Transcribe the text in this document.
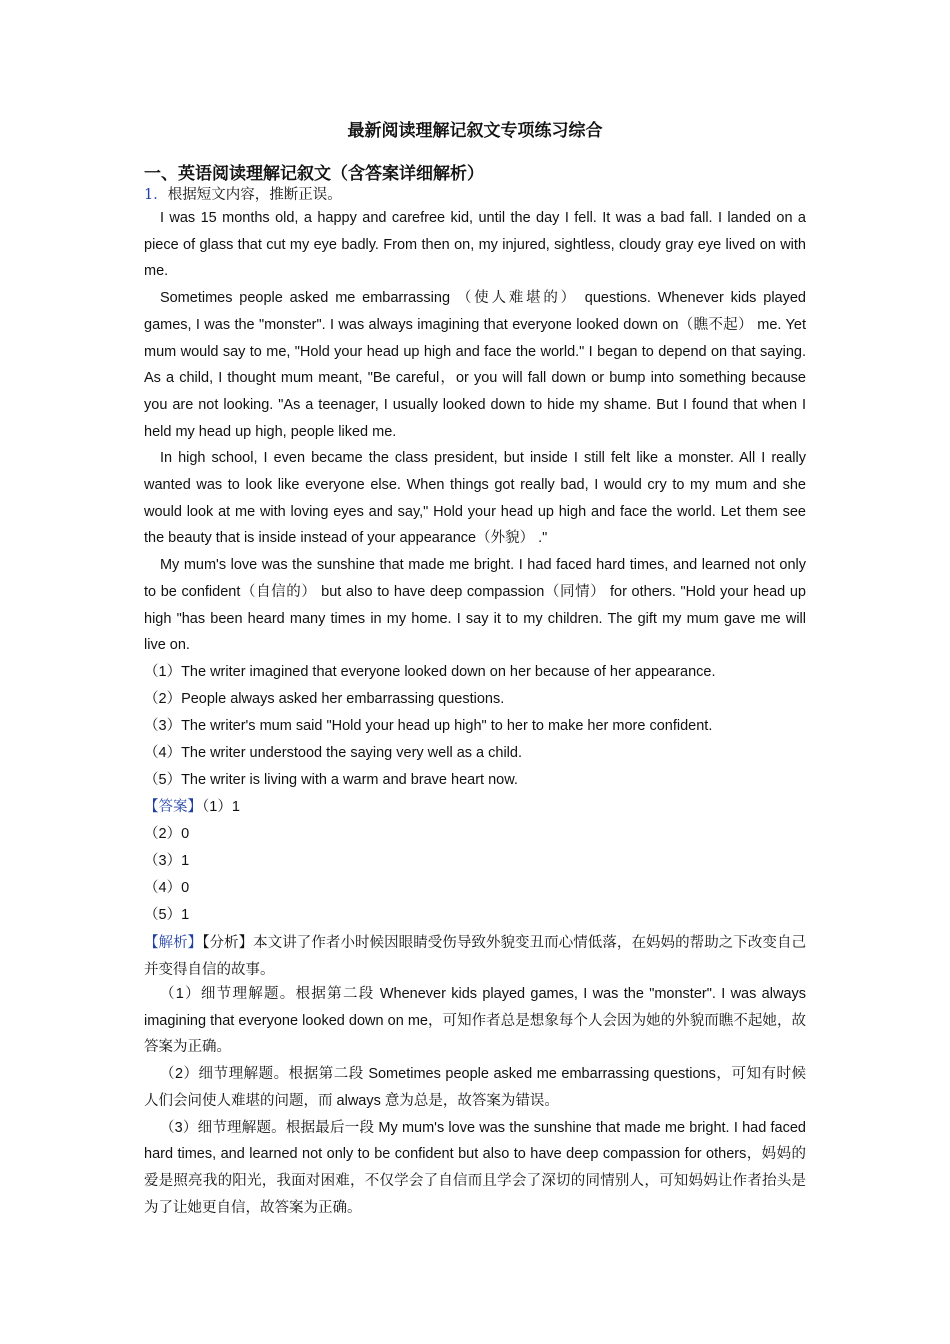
最新阅读理解记叙文专项练习综合
一、英语阅读理解记叙文（含答案详细解析）
1．根据短文内容，推断正误。
I was 15 months old, a happy and carefree kid, until the day I fell. It was a bad fall. I landed on a piece of glass that cut my eye badly. From then on, my injured, sightless, cloudy gray eye lived on with me.
Sometimes people asked me embarrassing （使人难堪的） questions. Whenever kids played games, I was the "monster". I was always imagining that everyone looked down on（瞧不起） me. Yet mum would say to me, "Hold your head up high and face the world." I began to depend on that saying. As a child, I thought mum meant, "Be careful，or you will fall down or bump into something because you are not looking. "As a teenager, I usually looked down to hide my shame. But I found that when I held my head up high, people liked me.
In high school, I even became the class president, but inside I still felt like a monster. All I really wanted was to look like everyone else. When things got really bad, I would cry to my mum and she would look at me with loving eyes and say," Hold your head up high and face the world. Let them see the beauty that is inside instead of your appearance（外貌） ."
My mum's love was the sunshine that made me bright. I had faced hard times, and learned not only to be confident（自信的） but also to have deep compassion（同情） for others. "Hold your head up high "has been heard many times in my home. I say it to my children. The gift my mum gave me will live on.
（1）The writer imagined that everyone looked down on her because of her appearance.
（2）People always asked her embarrassing questions.
（3）The writer's mum said "Hold your head up high" to her to make her more confident.
（4）The writer understood the saying very well as a child.
（5）The writer is living with a warm and brave heart now.
【答案】（1）1
（2）0
（3）1
（4）0
（5）1
【解析】【分析】本文讲了作者小时候因眼睛受伤导致外貌变丑而心情低落，在妈妈的帮助之下改变自己并变得自信的故事。
（1）细节理解题。根据第二段 Whenever kids played games, I was the "monster". I was always imagining that everyone looked down on me，可知作者总是想象每个人会因为她的外貌而瞧不起她，故答案为正确。
（2）细节理解题。根据第二段 Sometimes people asked me embarrassing questions，可知有时候人们会问使人难堪的问题，而 always 意为总是，故答案为错误。
（3）细节理解题。根据最后一段 My mum's love was the sunshine that made me bright. I had faced hard times, and learned not only to be confident but also to have deep compassion for others，妈妈的爱是照亮我的阳光，我面对困难，不仅学会了自信而且学会了深切的同情别人，可知妈妈让作者抬头是为了让她更自信，故答案为正确。
